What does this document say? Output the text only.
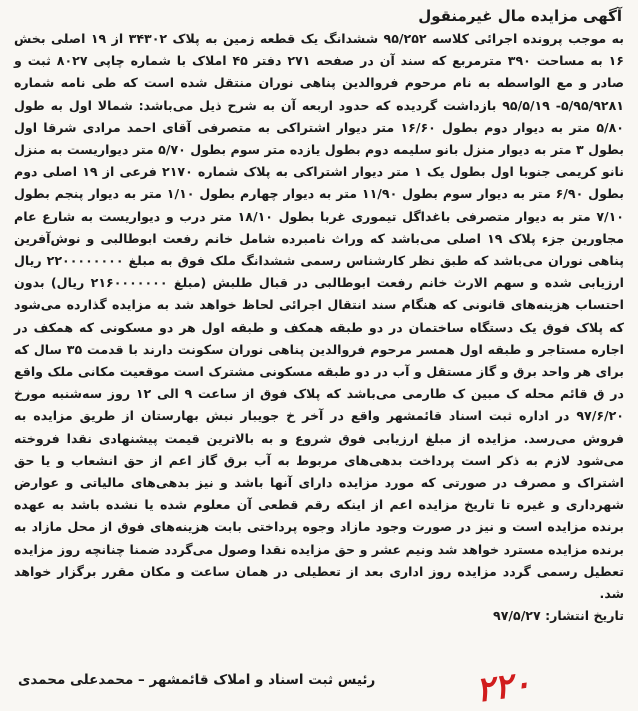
آگهی مزایده مال غیرمنقول

به موجب پرونده اجرائی کلاسه ۹۵/۲۵۲ ششدانگ یک قطعه زمین به پلاک ۳۴۳۰۲ از ۱۹ اصلی بخش ۱۶ به مساحت ۳۹۰ مترمربع که سند آن در صفحه ۲۷۱ دفتر ۴۵ املاک با شماره چاپی ۸۰۲۷ ثبت و صادر و مع الواسطه به نام مرحوم فروالدین پناهی نوران منتقل شده است که طی نامه شماره ۵/۹۵/۹۲۸۱- ۹۵/۵/۱۹ بازداشت گردیده که حدود اربعه آن به شرح ذیل می‌باشد: شمالا اول به طول ۵/۸۰ متر به دیوار دوم بطول ۱۶/۶۰ متر دیوار اشتراکی به متصرفی آقای احمد مرادی شرقا اول بطول ۳ متر به دیوار منزل بانو سلیمه دوم بطول یازده متر سوم بطول ۵/۷۰ متر دیواریست به منزل نانو کریمی جنوبا اول بطول یک ۱ متر دیوار اشتراکی به پلاک شماره ۲۱۷۰ فرعی از ۱۹ اصلی دوم بطول ۶/۹۰ متر به دیوار سوم بطول ۱۱/۹۰ متر به دیوار چهارم بطول ۱/۱۰ متر به دیوار پنجم بطول ۷/۱۰ متر به دیوار متصرفی باغداگل تیموری غربا بطول ۱۸/۱۰ متر درب و دیواریست به شارع عام مجاورین جزء پلاک ۱۹ اصلی می‌باشد که وراث نامبرده شامل خانم رفعت ابوطالبی و نوش‌آفرین پناهی نوران می‌باشد که طبق نظر کارشناس رسمی ششدانگ ملک فوق به مبلغ ۲۲۰۰۰۰۰۰۰۰ ریال ارزیابی شده و سهم الارث خانم رفعت ابوطالبی در قبال طلبش (مبلغ ۲۱۶۰۰۰۰۰۰۰ ریال) بدون احتساب هزینه‌های قانونی که هنگام سند انتقال اجرائی لحاظ خواهد شد به مزایده گذارده می‌شود که پلاک فوق یک دستگاه ساختمان در دو طبقه همکف و طبقه اول هر دو مسکونی که همکف در اجاره مستاجر و طبقه اول همسر مرحوم فروالدین پناهی نوران سکونت دارند با قدمت ۳۵ سال که برای هر واحد برق و گاز مستقل و آب در دو طبقه مسکونی مشترک است موقعیت مکانی ملک واقع در ق قائم محله ک مبین ک طارمی می‌باشد که پلاک فوق از ساعت ۹ الی ۱۲ روز سه‌شنبه مورخ ۹۷/۶/۲۰ در اداره ثبت اسناد قائمشهر واقع در آخر خ جویبار نبش بهارستان از طریق مزایده به فروش می‌رسد. مزایده از مبلغ ارزیابی فوق شروع و به بالاترین قیمت پیشنهادی نقدا فروخته می‌شود لازم به ذکر است پرداخت بدهی‌های مربوط به آب برق گاز اعم از حق انشعاب و یا حق اشتراک و مصرف در صورتی که مورد مزایده دارای آنها باشد و نیز بدهی‌های مالیاتی و عوارض شهرداری و غیره تا تاریخ مزایده اعم از اینکه رقم قطعی آن معلوم شده یا نشده باشد به عهده برنده مزایده است و نیز در صورت وجود مازاد وجوه پرداختی بابت هزینه‌های فوق از محل مازاد به برنده مزایده مسترد خواهد شد ونیم عشر و حق مزایده نقدا وصول می‌گردد ضمنا چنانچه روز مزایده تعطیل رسمی گردد مزایده روز اداری بعد از تعطیلی در همان ساعت و مکان مقرر برگزار خواهد شد.

تاریخ انتشار: ۹۷/۵/۲۷
رئیس ثبت اسناد و املاک قائمشهر – محمدعلی محمدی	۲۲۰
